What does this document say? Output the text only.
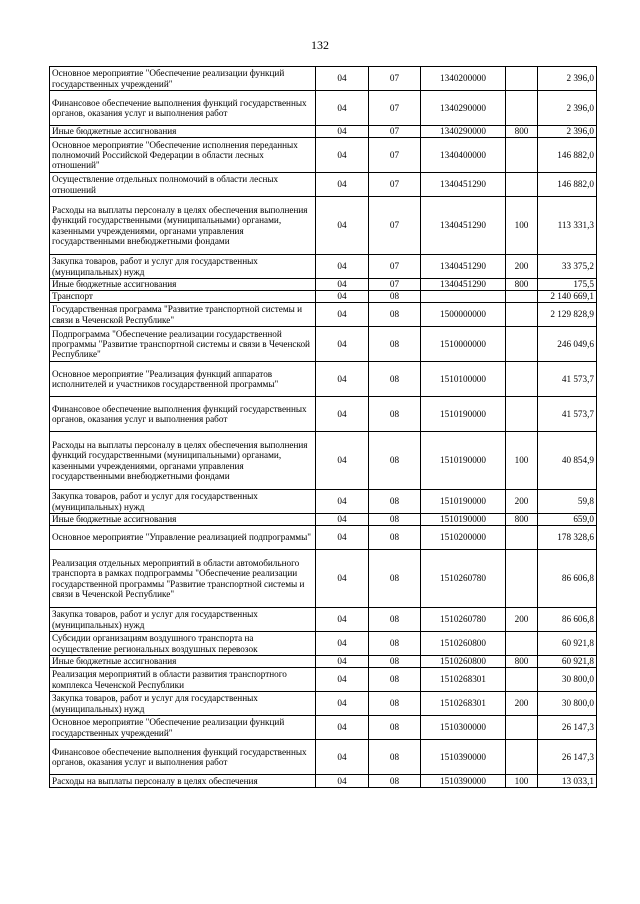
132
Основное мероприятие "Обеспечение реализации функций государственных учреждений"	04	07	1340200000		2 396,0
Финансовое обеспечение выполнения функций государственных органов, оказания услуг и выполнения работ	04	07	1340290000		2 396,0
Иные бюджетные ассигнования	04	07	1340290000	800	2 396,0
Основное мероприятие "Обеспечение исполнения переданных полномочий Российской Федерации в области лесных отношений"	04	07	1340400000		146 882,0
Осуществление отдельных полномочий в области лесных отношений	04	07	1340451290		146 882,0
Расходы на выплаты персоналу в целях обеспечения выполнения функций государственными (муниципальными) органами, казенными учреждениями, органами управления государственными внебюджетными фондами	04	07	1340451290	100	113 331,3
Закупка товаров, работ и услуг для государственных (муниципальных) нужд	04	07	1340451290	200	33 375,2
Иные бюджетные ассигнования	04	07	1340451290	800	175,5
Транспорт	04	08			2 140 669,1
Государственная программа "Развитие транспортной системы и связи в Чеченской Республике"	04	08	1500000000		2 129 828,9
Подпрограмма "Обеспечение реализации государственной программы "Развитие транспортной системы и связи в Чеченской Республике"	04	08	1510000000		246 049,6
Основное мероприятие "Реализация функций аппаратов исполнителей и участников государственной программы"	04	08	1510100000		41 573,7
Финансовое обеспечение выполнения функций государственных органов, оказания услуг и выполнения работ	04	08	1510190000		41 573,7
Расходы на выплаты персоналу в целях обеспечения выполнения функций государственными (муниципальными) органами, казенными учреждениями, органами управления государственными внебюджетными фондами	04	08	1510190000	100	40 854,9
Закупка товаров, работ и услуг для государственных (муниципальных) нужд	04	08	1510190000	200	59,8
Иные бюджетные ассигнования	04	08	1510190000	800	659,0
Основное мероприятие "Управление реализацией подпрограммы"	04	08	1510200000		178 328,6
Реализация отдельных мероприятий в области автомобильного транспорта в рамках подпрограммы "Обеспечение реализации государственной программы "Развитие транспортной системы и связи в Чеченской Республике"	04	08	1510260780		86 606,8
Закупка товаров, работ и услуг для государственных (муниципальных) нужд	04	08	1510260780	200	86 606,8
Субсидии организациям воздушного транспорта на осуществление региональных воздушных перевозок	04	08	1510260800		60 921,8
Иные бюджетные ассигнования	04	08	1510260800	800	60 921,8
Реализация мероприятий в области развития транспортного комплекса Чеченской Республики	04	08	1510268301		30 800,0
Закупка товаров, работ и услуг для государственных (муниципальных) нужд	04	08	1510268301	200	30 800,0
Основное мероприятие "Обеспечение реализации функций государственных учреждений"	04	08	1510300000		26 147,3
Финансовое обеспечение выполнения функций государственных органов, оказания услуг и выполнения работ	04	08	1510390000		26 147,3
Расходы на выплаты персоналу в целях обеспечения	04	08	1510390000	100	13 033,1
